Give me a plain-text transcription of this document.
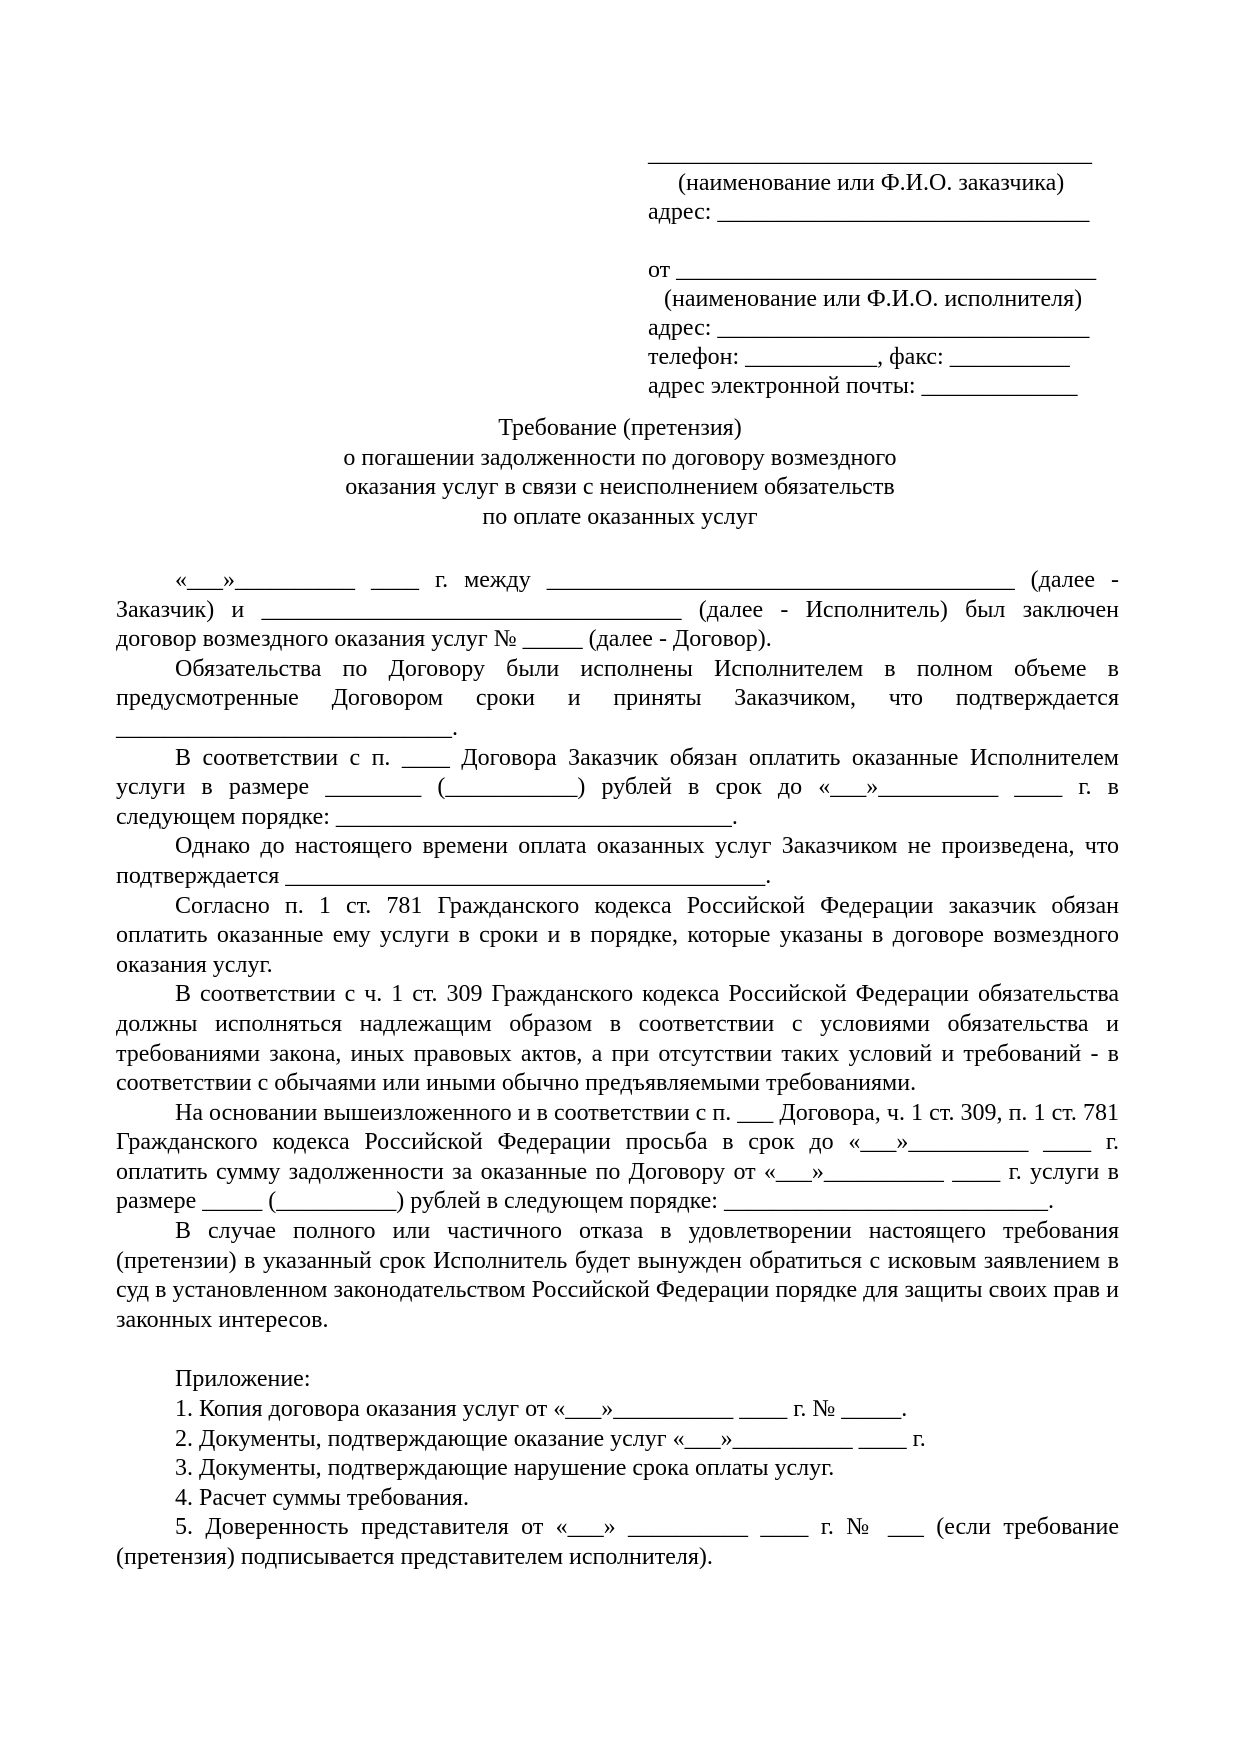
_____________________________________
(наименование или Ф.И.О. заказчика)
адрес: _______________________________
от ___________________________________
(наименование или Ф.И.О. исполнителя)
адрес: _______________________________
телефон: ___________, факс: __________
адрес электронной почты: _____________
Требование (претензия)
о погашении задолженности по договору возмездного
оказания услуг в связи с неисполнением обязательств
по оплате оказанных услуг

«___»__________ ____ г. между _______________________________________ (далее - Заказчик) и ___________________________________ (далее - Исполнитель) был заключен договор возмездного оказания услуг № _____ (далее - Договор).

Обязательства по Договору были исполнены Исполнителем в полном объеме в предусмотренные Договором сроки и приняты Заказчиком, что подтверждается ____________________________.

В соответствии с п. ____ Договора Заказчик обязан оплатить оказанные Исполнителем услуги в размере ________ (___________) рублей в срок до «___»__________ ____ г. в следующем порядке: _________________________________.

Однако до настоящего времени оплата оказанных услуг Заказчиком не произведена, что подтверждается ________________________________________.

Согласно п. 1 ст. 781 Гражданского кодекса Российской Федерации заказчик обязан оплатить оказанные ему услуги в сроки и в порядке, которые указаны в договоре возмездного оказания услуг.

В соответствии с ч. 1 ст. 309 Гражданского кодекса Российской Федерации обязательства должны исполняться надлежащим образом в соответствии с условиями обязательства и требованиями закона, иных правовых актов, а при отсутствии таких условий и требований - в соответствии с обычаями или иными обычно предъявляемыми требованиями.

На основании вышеизложенного и в соответствии с п. ___ Договора, ч. 1 ст. 309, п. 1 ст. 781 Гражданского кодекса Российской Федерации просьба в срок до «___»__________ ____ г. оплатить сумму задолженности за оказанные по Договору от «___»__________ ____ г. услуги в размере _____ (__________) рублей в следующем порядке: ___________________________.

В случае полного или частичного отказа в удовлетворении настоящего требования (претензии) в указанный срок Исполнитель будет вынужден обратиться с исковым заявлением в суд в установленном законодательством Российской Федерации порядке для защиты своих прав и законных интересов.

Приложение:

1. Копия договора оказания услуг от «___»__________ ____ г. № _____.

2. Документы, подтверждающие оказание услуг «___»__________ ____ г.

3. Документы, подтверждающие нарушение срока оплаты услуг.

4. Расчет суммы требования.

5. Доверенность представителя от «___» __________ ____ г. № ___ (если требование (претензия) подписывается представителем исполнителя).
